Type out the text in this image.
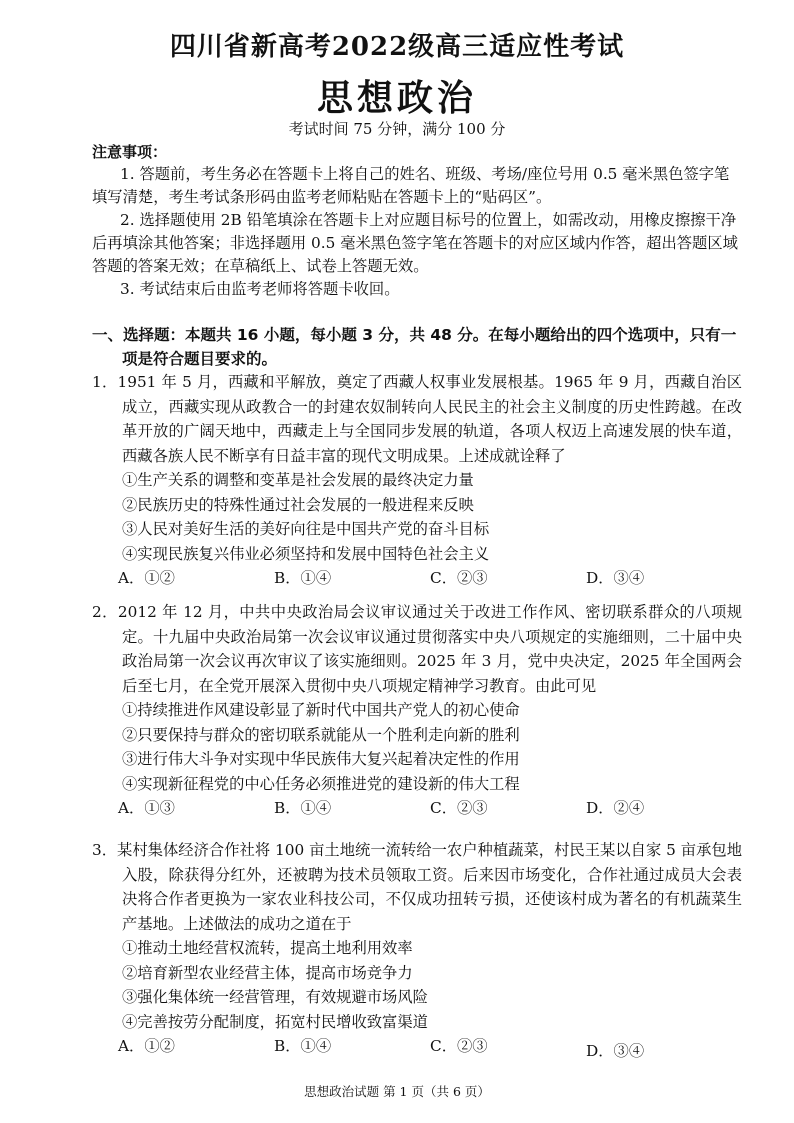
四川省新高考2022级高三适应性考试
思想政治
考试时间 75 分钟，满分 100 分
注意事项：

1. 答题前，考生务必在答题卡上将自己的姓名、班级、考场/座位号用 0.5 毫米黑色签字笔填写清楚，考生考试条形码由监考老师粘贴在答题卡上的“贴码区”。

2. 选择题使用 2B 铅笔填涂在答题卡上对应题目标号的位置上，如需改动，用橡皮擦擦干净后再填涂其他答案；非选择题用 0.5 毫米黑色签字笔在答题卡的对应区域内作答，超出答题区域答题的答案无效；在草稿纸上、试卷上答题无效。

3. 考试结束后由监考老师将答题卡收回。

一、选择题：本题共 16 小题，每小题 3 分，共 48 分。在每小题给出的四个选项中，只有一项是符合题目要求的。
1．1951 年 5 月，西藏和平解放，奠定了西藏人权事业发展根基。1965 年 9 月，西藏自治区成立，西藏实现从政教合一的封建农奴制转向人民民主的社会主义制度的历史性跨越。在改革开放的广阔天地中，西藏走上与全国同步发展的轨道，各项人权迈上高速发展的快车道，西藏各族人民不断享有日益丰富的现代文明成果。上述成就诠释了
①生产关系的调整和变革是社会发展的最终决定力量
②民族历史的特殊性通过社会发展的一般进程来反映
③人民对美好生活的美好向往是中国共产党的奋斗目标
④实现民族复兴伟业必须坚持和发展中国特色社会主义
A．①②	B．①④	C．②③	D．③④
2．2012 年 12 月，中共中央政治局会议审议通过关于改进工作作风、密切联系群众的八项规定。十九届中央政治局第一次会议审议通过贯彻落实中央八项规定的实施细则，二十届中央政治局第一次会议再次审议了该实施细则。2025 年 3 月，党中央决定，2025 年全国两会后至七月，在全党开展深入贯彻中央八项规定精神学习教育。由此可见
①持续推进作风建设彰显了新时代中国共产党人的初心使命
②只要保持与群众的密切联系就能从一个胜利走向新的胜利
③进行伟大斗争对实现中华民族伟大复兴起着决定性的作用
④实现新征程党的中心任务必须推进党的建设新的伟大工程
A．①③	B．①④	C．②③	D．②④
3．某村集体经济合作社将 100 亩土地统一流转给一农户种植蔬菜，村民王某以自家 5 亩承包地入股，除获得分红外，还被聘为技术员领取工资。后来因市场变化，合作社通过成员大会表决将合作者更换为一家农业科技公司，不仅成功扭转亏损，还使该村成为著名的有机蔬菜生产基地。上述做法的成功之道在于
①推动土地经营权流转，提高土地利用效率
②培育新型农业经营主体，提高市场竞争力
③强化集体统一经营管理，有效规避市场风险
④完善按劳分配制度，拓宽村民增收致富渠道
A．①②	B．①④	C．②③	D．③④
思想政治试题 第 1 页（共 6 页）
